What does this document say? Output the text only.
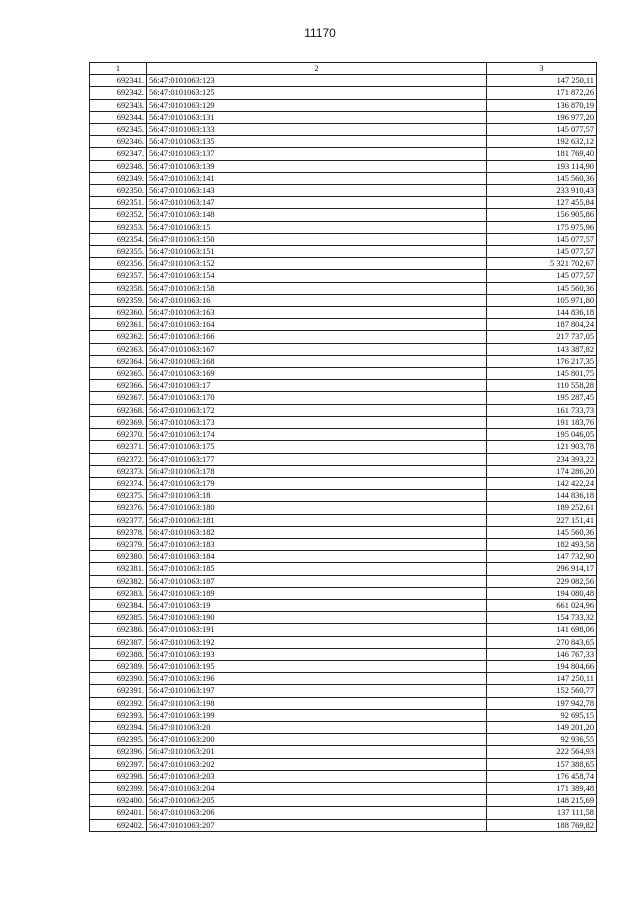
11170
1	2	3
692341.	56:47:0101063:123	147 250,11
692342.	56:47:0101063:125	171 872,26
692343.	56:47:0101063:129	136 870,19
692344.	56:47:0101063:131	196 977,20
692345.	56:47:0101063:133	145 077,57
692346.	56:47:0101063:135	192 632,12
692347.	56:47:0101063:137	181 769,40
692348.	56:47:0101063:139	193 114,90
692349.	56:47:0101063:141	145 560,36
692350.	56:47:0101063:143	233 910,43
692351.	56:47:0101063:147	127 455,84
692352.	56:47:0101063:148	156 905,86
692353.	56:47:0101063:15	175 975,96
692354.	56:47:0101063:150	145 077,57
692355.	56:47:0101063:151	145 077,57
692356.	56:47:0101063:152	5 321 702,67
692357.	56:47:0101063:154	145 077,57
692358.	56:47:0101063:158	145 560,36
692359.	56:47:0101063:16	105 971,80
692360.	56:47:0101063:163	144 836,18
692361.	56:47:0101063:164	187 804,24
692362.	56:47:0101063:166	217 737,05
692363.	56:47:0101063:167	143 387,82
692364.	56:47:0101063:168	176 217,35
692365.	56:47:0101063:169	145 801,75
692366.	56:47:0101063:17	110 558,28
692367.	56:47:0101063:170	195 287,45
692368.	56:47:0101063:172	161 733,73
692369.	56:47:0101063:173	191 183,76
692370.	56:47:0101063:174	195 046,05
692371.	56:47:0101063:175	121 903,78
692372.	56:47:0101063:177	234 393,22
692373.	56:47:0101063:178	174 286,20
692374.	56:47:0101063:179	142 422,24
692375.	56:47:0101063:18	144 836,18
692376.	56:47:0101063:180	189 252,61
692377.	56:47:0101063:181	227 151,41
692378.	56:47:0101063:182	145 560,36
692379.	56:47:0101063:183	182 493,58
692380.	56:47:0101063:184	147 732,90
692381.	56:47:0101063:185	296 914,17
692382.	56:47:0101063:187	229 082,56
692383.	56:47:0101063:189	194 080,48
692384.	56:47:0101063:19	661 024,96
692385.	56:47:0101063:190	154 733,32
692386.	56:47:0101063:191	141 698,06
692387.	56:47:0101063:192	270 843,65
692388.	56:47:0101063:193	146 767,33
692389.	56:47:0101063:195	194 804,66
692390.	56:47:0101063:196	147 250,11
692391.	56:47:0101063:197	152 560,77
692392.	56:47:0101063:198	197 942,78
692393.	56:47:0101063:199	92 695,15
692394.	56:47:0101063:20	149 201,20
692395.	56:47:0101063:200	92 936,55
692396.	56:47:0101063:201	222 564,93
692397.	56:47:0101063:202	157 388,65
692398.	56:47:0101063:203	176 458,74
692399.	56:47:0101063:204	171 389,48
692400.	56:47:0101063:205	148 215,69
692401.	56:47:0101063:206	137 111,58
692402.	56:47:0101063:207	188 769,82
